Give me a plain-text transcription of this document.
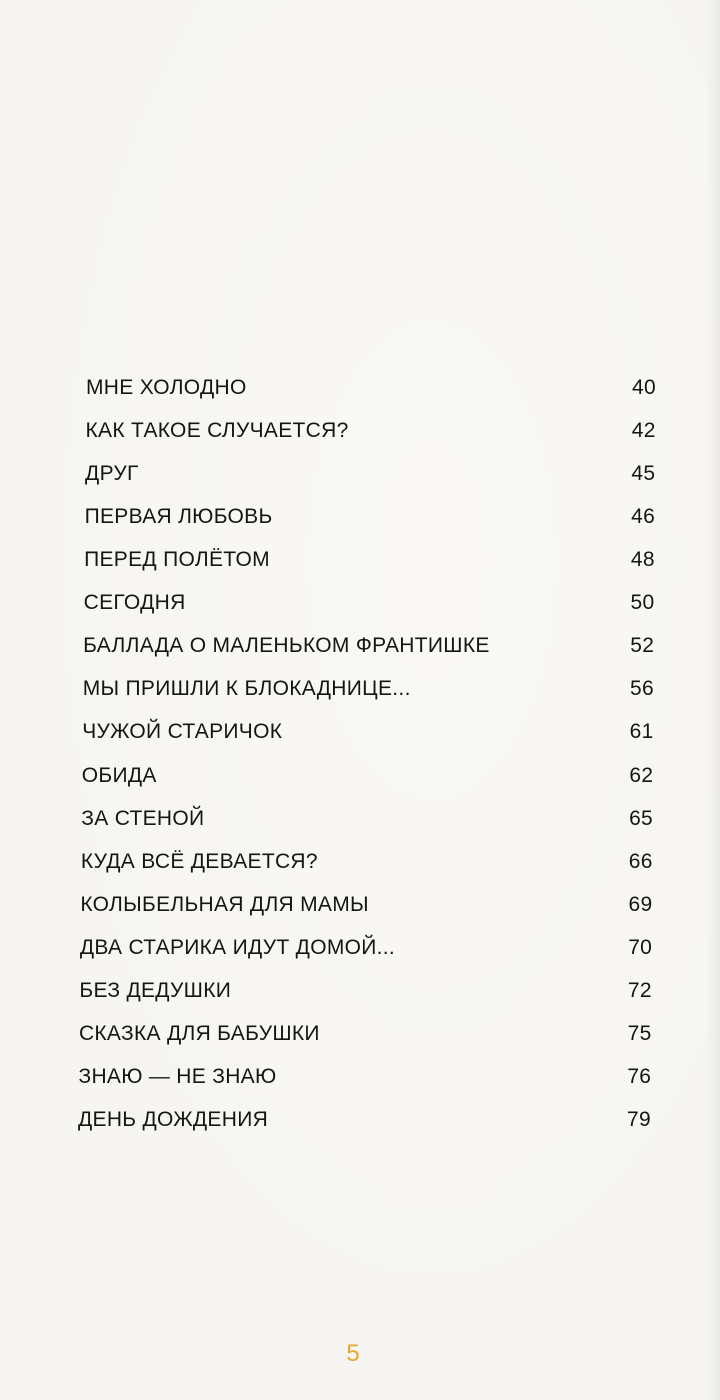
МНЕ ХОЛОДНО	40
КАК ТАКОЕ СЛУЧАЕТСЯ?	42
ДРУГ	45
ПЕРВАЯ ЛЮБОВЬ	46
ПЕРЕД ПОЛЁТОМ	48
СЕГОДНЯ	50
БАЛЛАДА О МАЛЕНЬКОМ ФРАНТИШКЕ	52
МЫ ПРИШЛИ К БЛОКАДНИЦЕ...	56
ЧУЖОЙ СТАРИЧОК	61
ОБИДА	62
ЗА СТЕНОЙ	65
КУДА ВСЁ ДЕВАЕТСЯ?	66
КОЛЫБЕЛЬНАЯ ДЛЯ МАМЫ	69
ДВА СТАРИКА ИДУТ ДОМОЙ...	70
БЕЗ ДЕДУШКИ	72
СКАЗКА ДЛЯ БАБУШКИ	75
ЗНАЮ — НЕ ЗНАЮ	76
ДЕНЬ ДОЖДЕНИЯ	79
5
